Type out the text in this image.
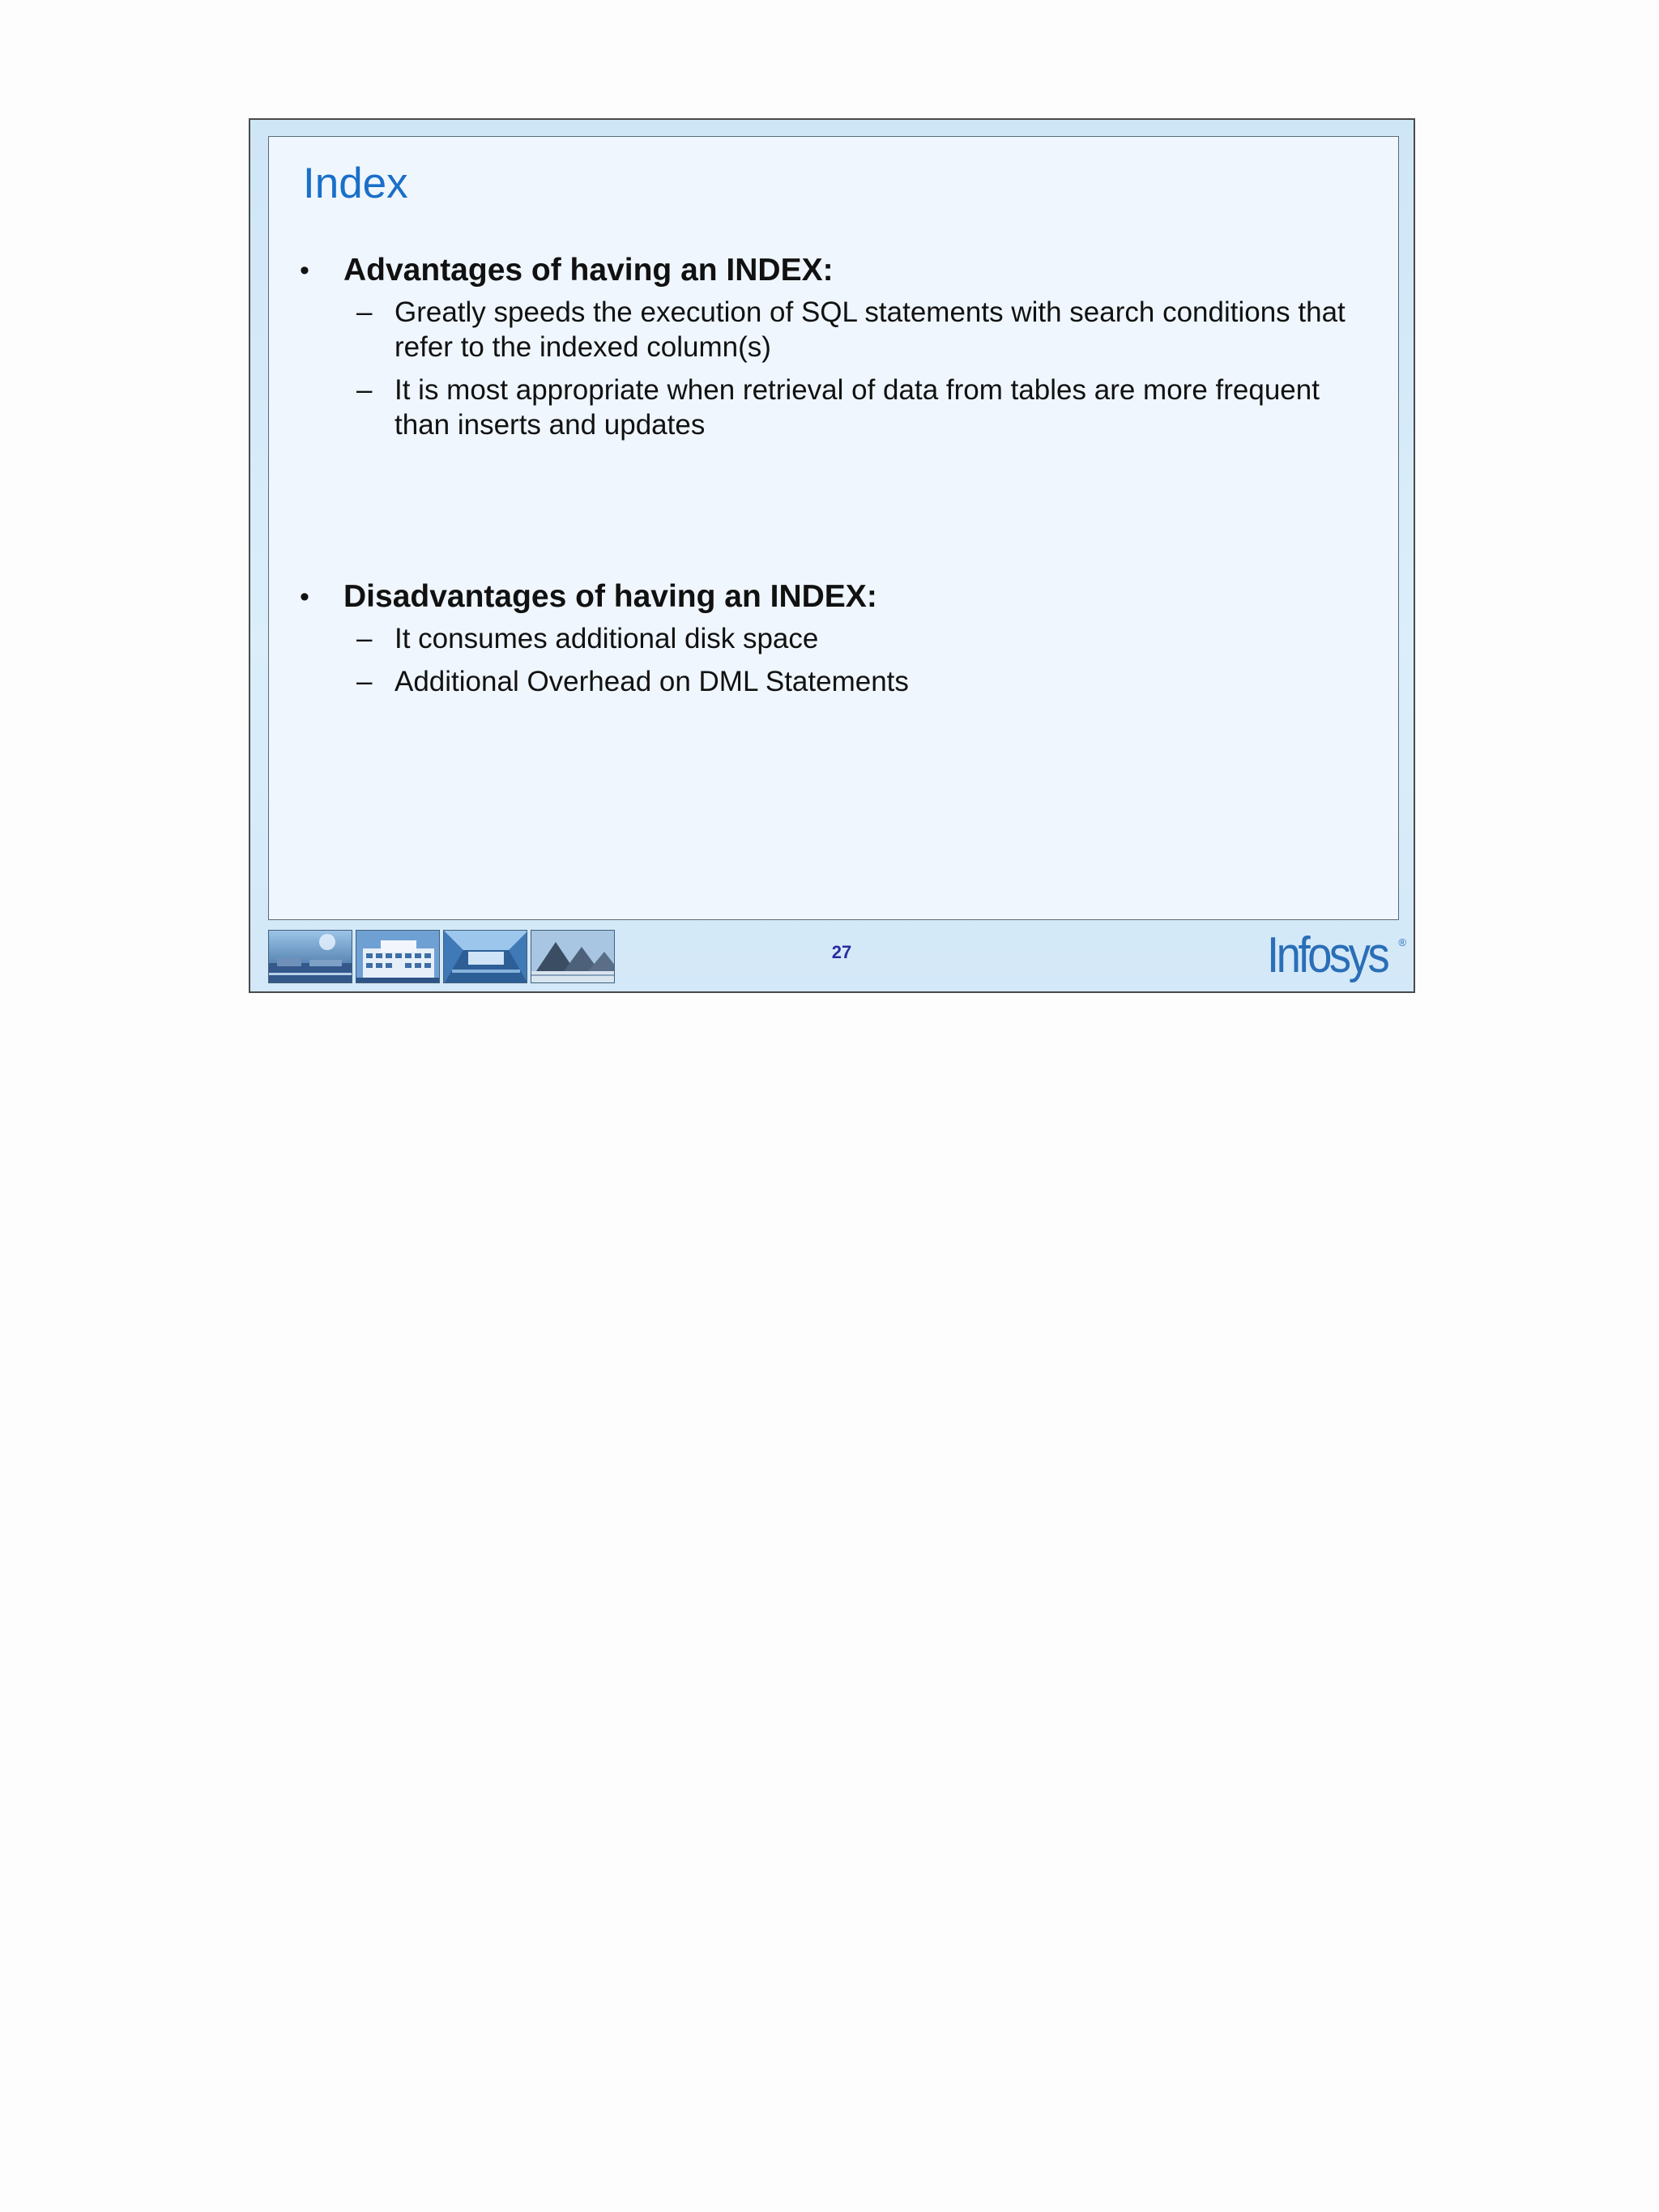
Index
• Advantages of having an INDEX:
– Greatly speeds the execution of SQL statements with search conditions that refer to the indexed column(s)
– It is most appropriate when retrieval of data from tables are more frequent than inserts and updates
• Disadvantages of having an INDEX:
– It consumes additional disk space
– Additional Overhead on DML Statements
27	Infosys ®
